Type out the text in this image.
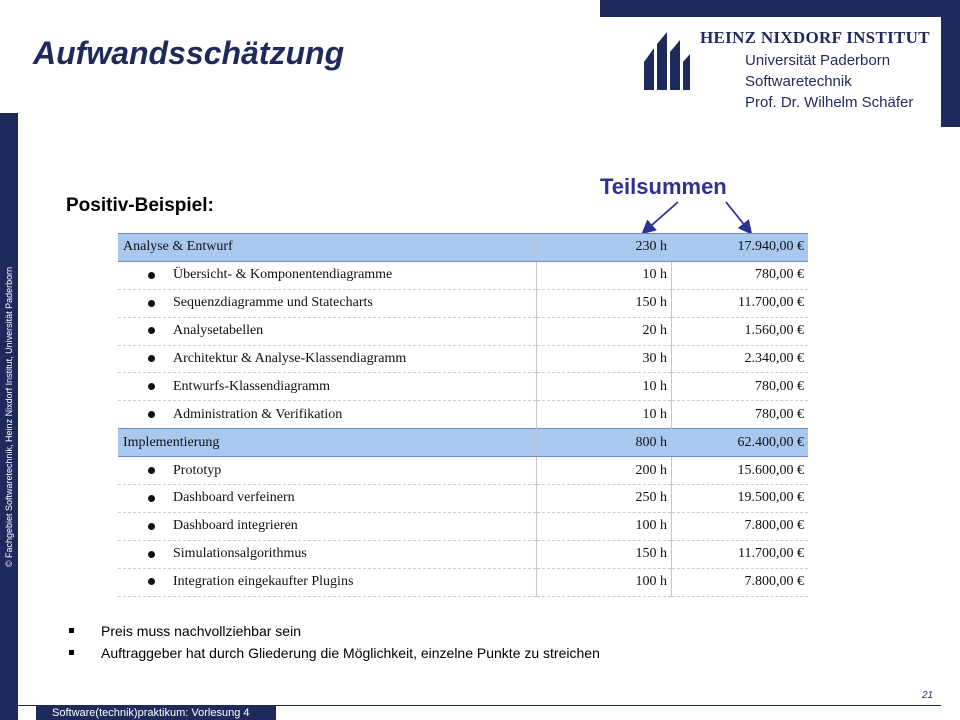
© Fachgebiet Softwaretechnik, Heinz Nixdorf Institut, Universität Paderborn
Aufwandsschätzung	HEINZ NIXDORF INSTITUT
Universität Paderborn
Softwaretechnik
Prof. Dr. Wilhelm Schäfer
Positiv-Beispiel:
Teilsummen
Analyse & Entwurf	230 h	17.940,00 €
Übersicht- & Komponentendiagramme	10 h	780,00 €
Sequenzdiagramme und Statecharts	150 h	11.700,00 €
Analysetabellen	20 h	1.560,00 €
Architektur & Analyse-Klassendiagramm	30 h	2.340,00 €
Entwurfs-Klassendiagramm	10 h	780,00 €
Administration & Verifikation	10 h	780,00 €
Implementierung	800 h	62.400,00 €
Prototyp	200 h	15.600,00 €
Dashboard verfeinern	250 h	19.500,00 €
Dashboard integrieren	100 h	7.800,00 €
Simulationsalgorithmus	150 h	11.700,00 €
Integration eingekaufter Plugins	100 h	7.800,00 €
Preis muss nachvollziehbar sein
Auftraggeber hat durch Gliederung die Möglichkeit, einzelne Punkte zu streichen
Software(technik)praktikum: Vorlesung 4
21
